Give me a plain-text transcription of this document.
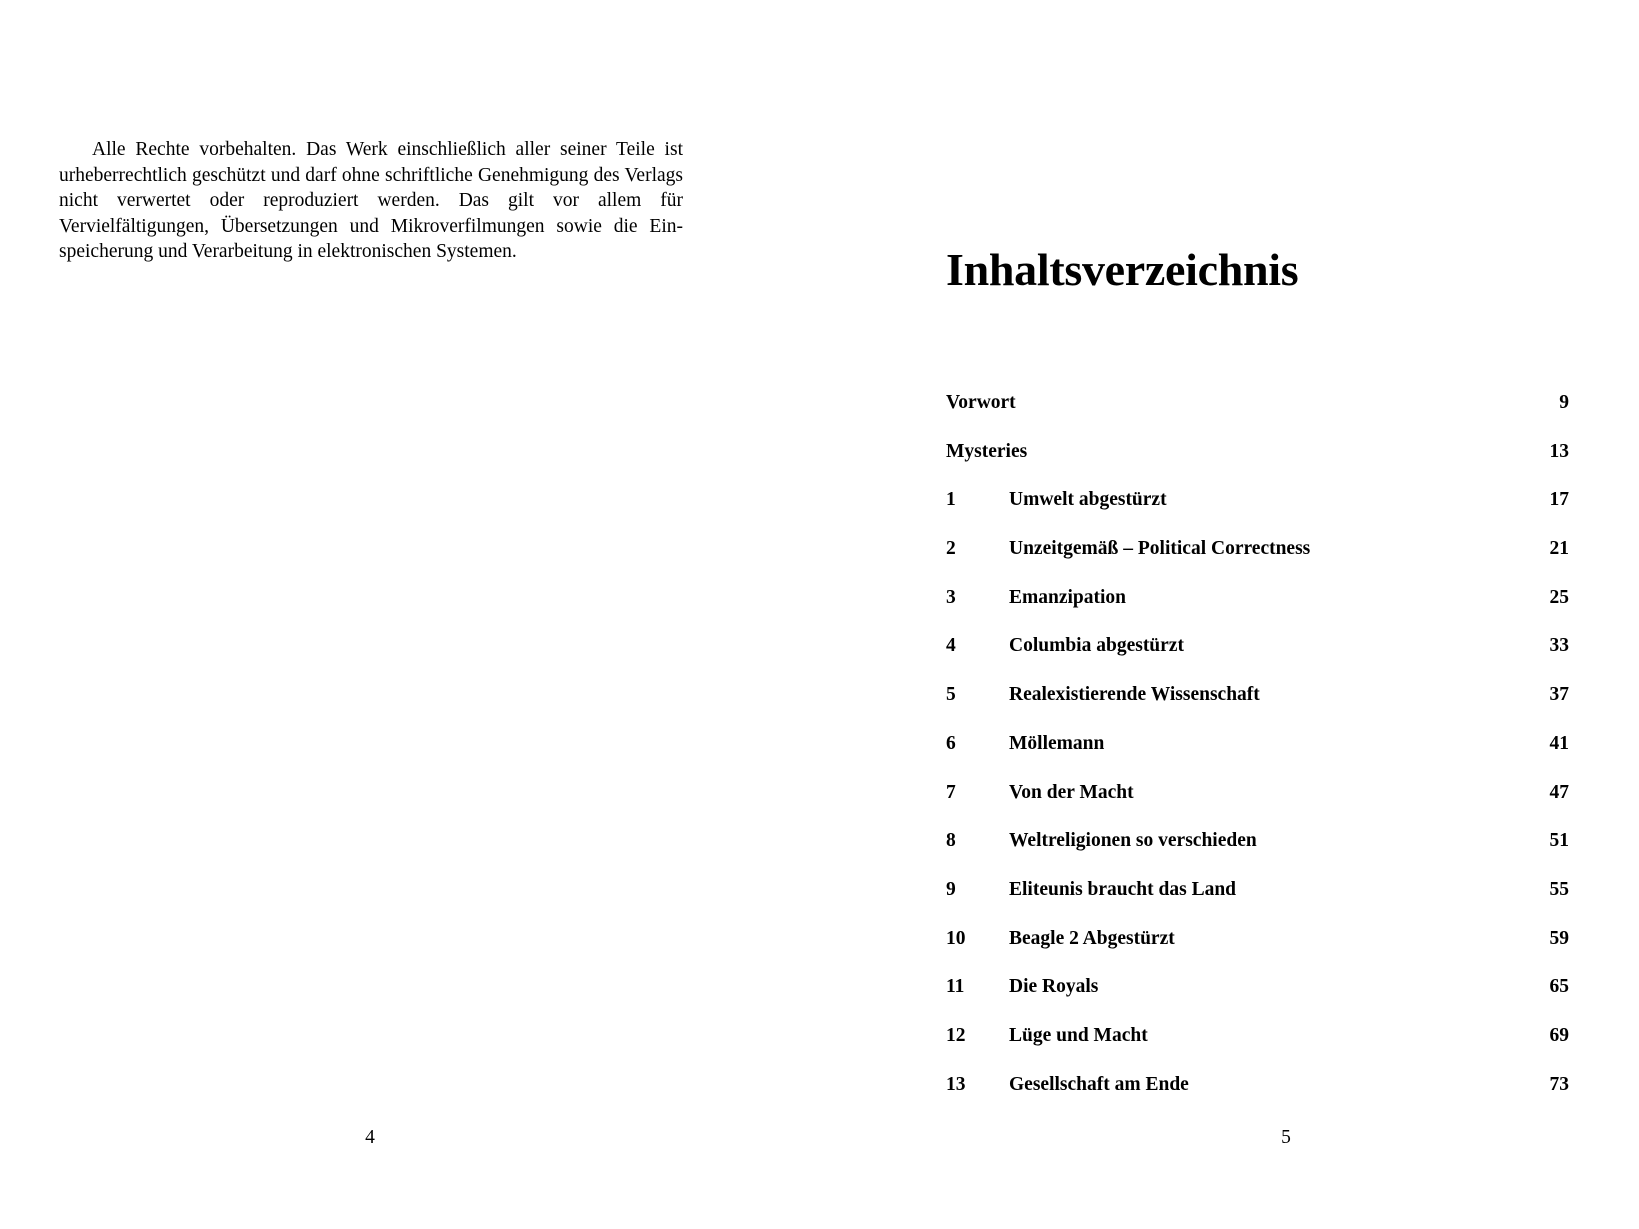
Alle Rechte vorbehalten. Das Werk einschließlich aller seiner Teile ist urheberrechtlich geschützt und darf ohne schriftliche Genehmigung des Verlags nicht verwertet oder reproduziert werden. Das gilt vor allem für Vervielfältigungen, Übersetzungen und Mikroverfilmungen sowie die Einspeicherung und Verarbeitung in elektronischen Systemen.

4
Inhaltsverzeichnis
Vorwort	9
Mysteries	13
1	Umwelt abgestürzt	17
2	Unzeitgemäß – Political Correctness	21
3	Emanzipation	25
4	Columbia abgestürzt	33
5	Realexistierende Wissenschaft	37
6	Möllemann	41
7	Von der Macht	47
8	Weltreligionen so verschieden	51
9	Eliteunis braucht das Land	55
10 Beagle 2 Abgestürzt	59
11 Die Royals	65
12 Lüge und Macht	69
13 Gesellschaft am Ende	73
5
